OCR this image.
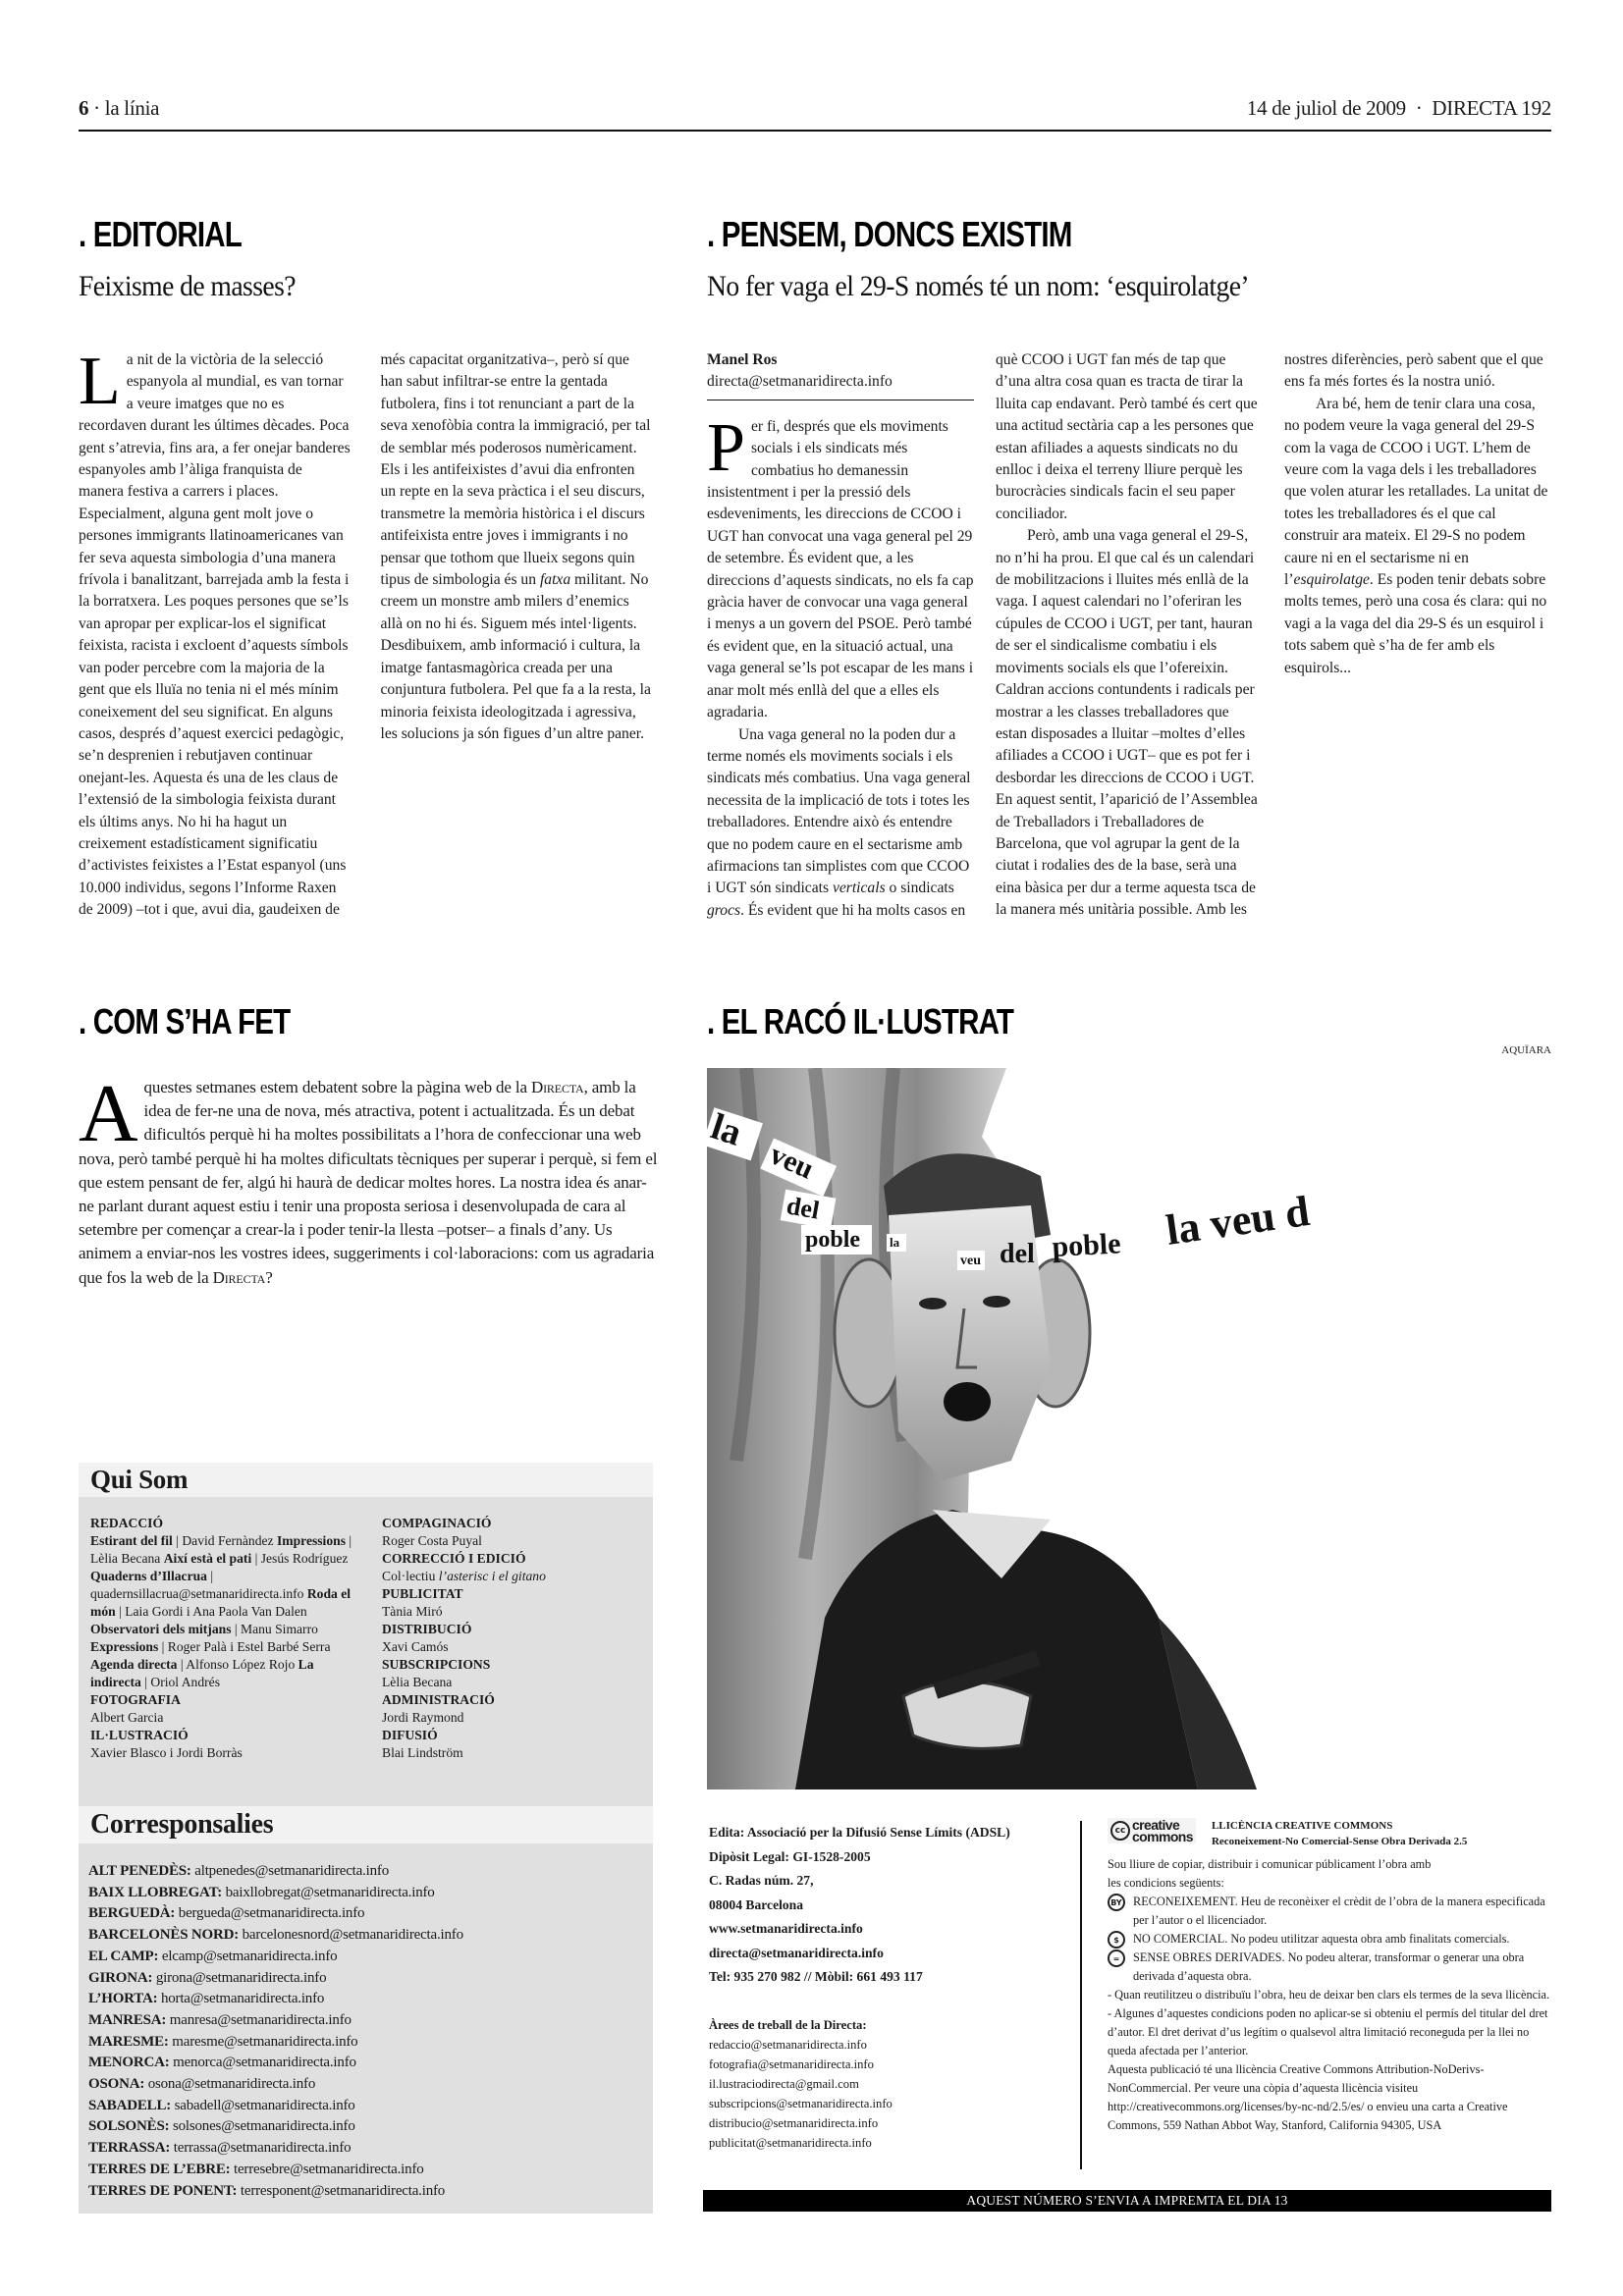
6 · la línia	14 de juliol de 2009 · DIRECTA 192
. EDITORIAL
Feixisme de masses?

La nit de la victòria de la selecció espanyola al mundial, es van tornar a veure imatges que no es recordaven durant les últimes dècades. Poca gent s’atrevia, fins ara, a fer onejar banderes espanyoles amb l’àliga franquista de manera festiva a carrers i places. Especialment, alguna gent molt jove o persones immigrants llatinoamericanes van fer seva aquesta simbologia d’una manera frívola i banalitzant, barrejada amb la festa i la borratxera. Les poques persones que se’ls van apropar per explicar-los el significat feixista, racista i excloent d’aquests símbols van poder percebre com la majoria de la gent que els lluïa no tenia ni el més mínim coneixement del seu significat. En alguns casos, després d’aquest exercici pedagògic, se’n desprenien i rebutjaven continuar onejant-les. Aquesta és una de les claus de l’extensió de la simbologia feixista durant els últims anys. No hi ha hagut un creixement estadísticament significatiu d’activistes feixistes a l’Estat espanyol (uns 10.000 individus, segons l’Informe Raxen de 2009) –tot i que, avui dia, gaudeixen de més capacitat organitzativa–, però sí que han sabut infiltrar-se entre la gentada futbolera, fins i tot renunciant a part de la seva xenofòbia contra la immigració, per tal de semblar més poderosos numèricament. Els i les antifeixistes d’avui dia enfronten un repte en la seva pràctica i el seu discurs, transmetre la memòria històrica i el discurs antifeixista entre joves i immigrants i no pensar que tothom que llueix segons quin tipus de simbologia és un fatxa militant. No creem un monstre amb milers d’enemics allà on no hi és. Siguem més intel·ligents. Desdibuixem, amb informació i cultura, la imatge fantasmagòrica creada per una conjuntura futbolera. Pel que fa a la resta, la minoria feixista ideologitzada i agressiva, les solucions ja són figues d’un altre paner.

. PENSEM, DONCS EXISTIM
No fer vaga el 29-S només té un nom: ‘esquirolatge’
Manel Ros
directa@setmanaridirecta.info

Per fi, després que els moviments socials i els sindicats més combatius ho demanessin insistentment i per la pressió dels esdeveniments, les direccions de CCOO i UGT han convocat una vaga general pel 29 de setembre. És evident que, a les direccions d’aquests sindicats, no els fa cap gràcia haver de convocar una vaga general i menys a un govern del PSOE. Però també és evident que, en la situació actual, una vaga general se’ls pot escapar de les mans i anar molt més enllà del que a elles els agradaria.

Una vaga general no la poden dur a terme només els moviments socials i els sindicats més combatius. Una vaga general necessita de la implicació de tots i totes les treballadores. Entendre això és entendre que no podem caure en el sectarisme amb afirmacions tan simplistes com que CCOO i UGT són sindicats verticals o sindicats grocs. És evident que hi ha molts casos en què CCOO i UGT fan més de tap que d’una altra cosa quan es tracta de tirar la lluita cap endavant. Però també és cert que una actitud sectària cap a les persones que estan afiliades a aquests sindicats no du enlloc i deixa el terreny lliure perquè les burocràcies sindicals facin el seu paper conciliador.

Però, amb una vaga general el 29-S, no n’hi ha prou. El que cal és un calendari de mobilitzacions i lluites més enllà de la vaga. I aquest calendari no l’oferiran les cúpules de CCOO i UGT, per tant, hauran de ser el sindicalisme combatiu i els moviments socials els que l’ofereixin. Caldran accions contundents i radicals per mostrar a les classes treballadores que estan disposades a lluitar –moltes d’elles afiliades a CCOO i UGT– que es pot fer i desbordar les direccions de CCOO i UGT. En aquest sentit, l’aparició de l’Assemblea de Treballadors i Treballadores de Barcelona, que vol agrupar la gent de la ciutat i rodalies des de la base, serà una eina bàsica per dur a terme aquesta tsca de la manera més unitària possible. Amb les nostres diferències, però sabent que el que ens fa més fortes és la nostra unió.

Ara bé, hem de tenir clara una cosa, no podem veure la vaga general del 29-S com la vaga de CCOO i UGT. L’hem de veure com la vaga dels i les treballadores que volen aturar les retallades. La unitat de totes les treballadores és el que cal construir ara mateix. El 29-S no podem caure ni en el sectarisme ni en l’esquirolatge. Es poden tenir debats sobre molts temes, però una cosa és clara: qui no vagi a la vaga del dia 29-S és un esquirol i tots sabem què s’ha de fer amb els esquirols...

. COM S’HA FET
Aquestes setmanes estem debatent sobre la pàgina web de la Directa, amb la idea de fer-ne una de nova, més atractiva, potent i actualitzada. És un debat dificultós perquè hi ha moltes possibilitats a l’hora de confeccionar una web nova, però també perquè hi ha moltes dificultats tècniques per superar i perquè, si fem el que estem pensant de fer, algú hi haurà de dedicar moltes hores. La nostra idea és anar-ne parlant durant aquest estiu i tenir una proposta seriosa i desenvolupada de cara al setembre per començar a crear-la i poder tenir-la llesta –potser– a finals d’any. Us animem a enviar-nos les vostres idees, suggeriments i col·laboracions: com us agradaria que fos la web de la Directa?
. EL RACÓ IL·LUSTRAT
AQUÏARA
la
veu
del
poble la
veu del poble la veu d
Qui Som
REDACCIÓ
Estirant del fil | David Fernàndez Impressions | Lèlia Becana Així està el pati | Jesús Rodríguez Quaderns d’Illacrua | quadernsillacrua@setmanaridirecta.info Roda el món | Laia Gordi i Ana Paola Van Dalen Observatori dels mitjans | Manu Simarro Expressions | Roger Palà i Estel Barbé Serra Agenda directa | Alfonso López Rojo La indirecta | Oriol Andrés
FOTOGRAFIA
Albert Garcia
IL·LUSTRACIÓ
Xavier Blasco i Jordi Borràs
COMPAGINACIÓ
Roger Costa Puyal
CORRECCIÓ I EDICIÓ
Col·lectiu l’asterisc i el gitano
PUBLICITAT
Tània Miró
DISTRIBUCIÓ
Xavi Camós
SUBSCRIPCIONS
Lèlia Becana
ADMINISTRACIÓ
Jordi Raymond
DIFUSIÓ
Blai Lindström
Corresponsalies
ALT PENEDÈS: altpenedes@setmanaridirecta.info
BAIX LLOBREGAT: baixllobregat@setmanaridirecta.info
BERGUEDÀ: bergueda@setmanaridirecta.info
BARCELONÈS NORD: barcelonesnord@setmanaridirecta.info
EL CAMP: elcamp@setmanaridirecta.info
GIRONA: girona@setmanaridirecta.info
L’HORTA: horta@setmanaridirecta.info
MANRESA: manresa@setmanaridirecta.info
MARESME: maresme@setmanaridirecta.info
MENORCA: menorca@setmanaridirecta.info
OSONA: osona@setmanaridirecta.info
SABADELL: sabadell@setmanaridirecta.info
SOLSONÈS: solsones@setmanaridirecta.info
TERRASSA: terrassa@setmanaridirecta.info
TERRES DE L’EBRE: terresebre@setmanaridirecta.info
TERRES DE PONENT: terresponent@setmanaridirecta.info
Edita: Associació per la Difusió Sense Límits (ADSL)
Dipòsit Legal: GI-1528-2005
C. Radas núm. 27,
08004 Barcelona
www.setmanaridirecta.info
directa@setmanaridirecta.info
Tel: 935 270 982 // Mòbil: 661 493 117
Àrees de treball de la Directa:
redaccio@setmanaridirecta.info
fotografia@setmanaridirecta.info
il.lustraciodirecta@gmail.com
subscripcions@setmanaridirecta.info
distribucio@setmanaridirecta.info
publicitat@setmanaridirecta.info
cc creative
commons
LLICÈNCIA CREATIVE COMMONS
Reconeixement-No Comercial-Sense Obra Derivada 2.5
Sou lliure de copiar, distribuir i comunicar públicament l’obra amb les condicions següents:
BY RECONEIXEMENT. Heu de reconèixer el crèdit de l’obra de la manera especificada per l’autor o el llicenciador.
$	NO COMERCIAL. No podeu utilitzar aquesta obra amb finalitats comercials.
=	SENSE OBRES DERIVADES. No podeu alterar, transformar o generar una obra derivada d’aquesta obra.
- Quan reutilitzeu o distribuïu l’obra, heu de deixar ben clars els termes de la seva llicència.
- Algunes d’aquestes condicions poden no aplicar-se si obteniu el permís del titular del dret d’autor. El dret derivat d’us legítim o qualsevol altra limitació reconeguda per la llei no queda afectada per l’anterior.
Aquesta publicació té una llicència Creative Commons Attribution-NoDerivs- NonCommercial. Per veure una còpia d’aquesta llicència visiteu http://creativecommons.org/licenses/by-nc-nd/2.5/es/ o envieu una carta a Creative Commons, 559 Nathan Abbot Way, Stanford, California 94305, USA
AQUEST NÚMERO S’ENVIA A IMPREMTA EL DIA 13
